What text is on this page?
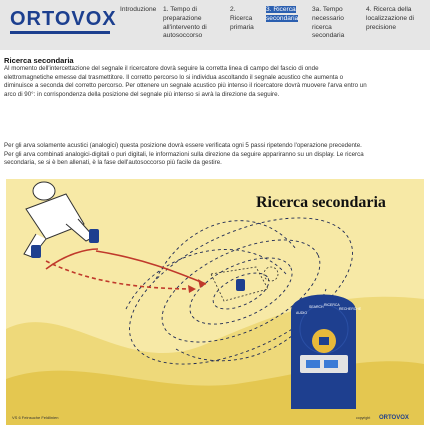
ORTOVOX Introduzione 1. Tempo di
preparazione
all'intervento di
autosoccorso
2.
Ricerca
primaria
3. Ricerca
secondaria
3a. Tempo
necessario
ricerca
secondaria
4. Ricerca della
localizzazione di
precisione
Ricerca secondaria
Al momento dell'intercettazione del segnale il ricercatore dovrà seguire la corretta linea di campo del fascio di onde
elettromagnetiche emesse dal trasmettitore. Il corretto percorso lo si individua ascoltando il segnale acustico che aumenta o
diminuisce a seconda del corretto percorso. Per ottenere un segnale acustico più intenso il ricercatore dovrà muovere l'arva entro un
arco di 90°: in corrispondenza della posizione del segnale più intenso si avrà la direzione da seguire.
Per gli arva solamente acustici (analogici) questa posizione dovrà essere verificata ogni 5 passi ripetendo l'operazione precedente.
Per gli arva combinati analogici-digitali o puri digitali, le informazioni sulla direzione da seguire appariranno su un display. Le ricerca
secondaria, se si è ben allenati, è la fase dell'autosoccorso più facile da gestire.
Ricerca secondaria
AUDIO
SEARCH RICERCA
RECHERCHE
VS 6 Feinsuche Feldlinien	copyright ORTOVOX
